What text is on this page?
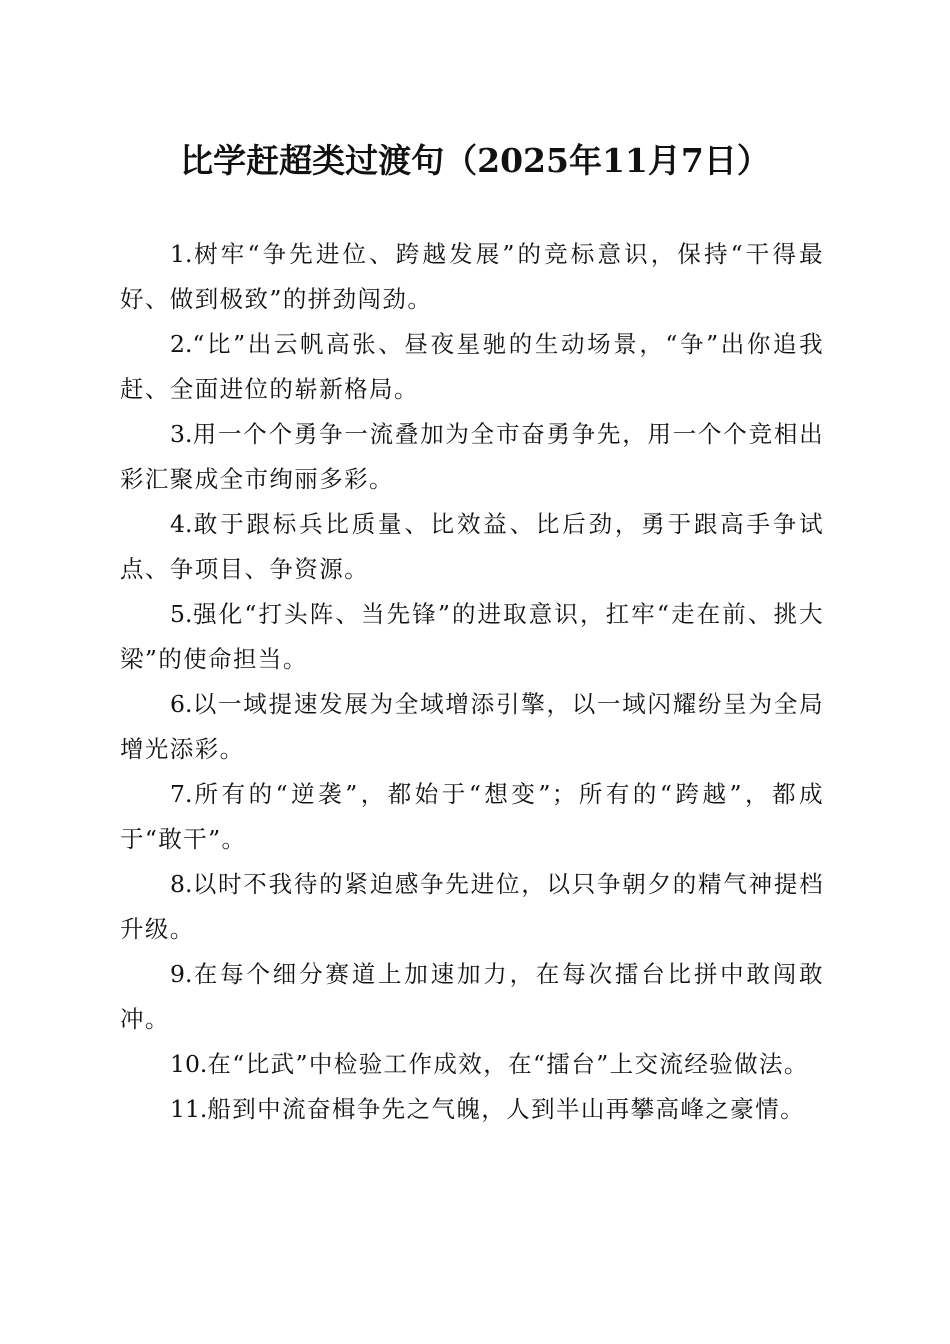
比学赶超类过渡句（2025年11月7日）

1.树牢“争先进位、跨越发展”的竞标意识，保持“干得最好、做到极致”的拼劲闯劲。

2.“比”出云帆高张、昼夜星驰的生动场景，“争”出你追我赶、全面进位的崭新格局。

3.用一个个勇争一流叠加为全市奋勇争先，用一个个竞相出彩汇聚成全市绚丽多彩。

4.敢于跟标兵比质量、比效益、比后劲，勇于跟高手争试点、争项目、争资源。

5.强化“打头阵、当先锋”的进取意识，扛牢“走在前、挑大梁”的使命担当。

6.以一域提速发展为全域增添引擎，以一域闪耀纷呈为全局增光添彩。

7.所有的“逆袭”，都始于“想变”；所有的“跨越”，都成于“敢干”。

8.以时不我待的紧迫感争先进位，以只争朝夕的精气神提档升级。

9.在每个细分赛道上加速加力，在每次擂台比拼中敢闯敢冲。

10.在“比武”中检验工作成效，在“擂台”上交流经验做法。

11.船到中流奋楫争先之气魄，人到半山再攀高峰之豪情。
